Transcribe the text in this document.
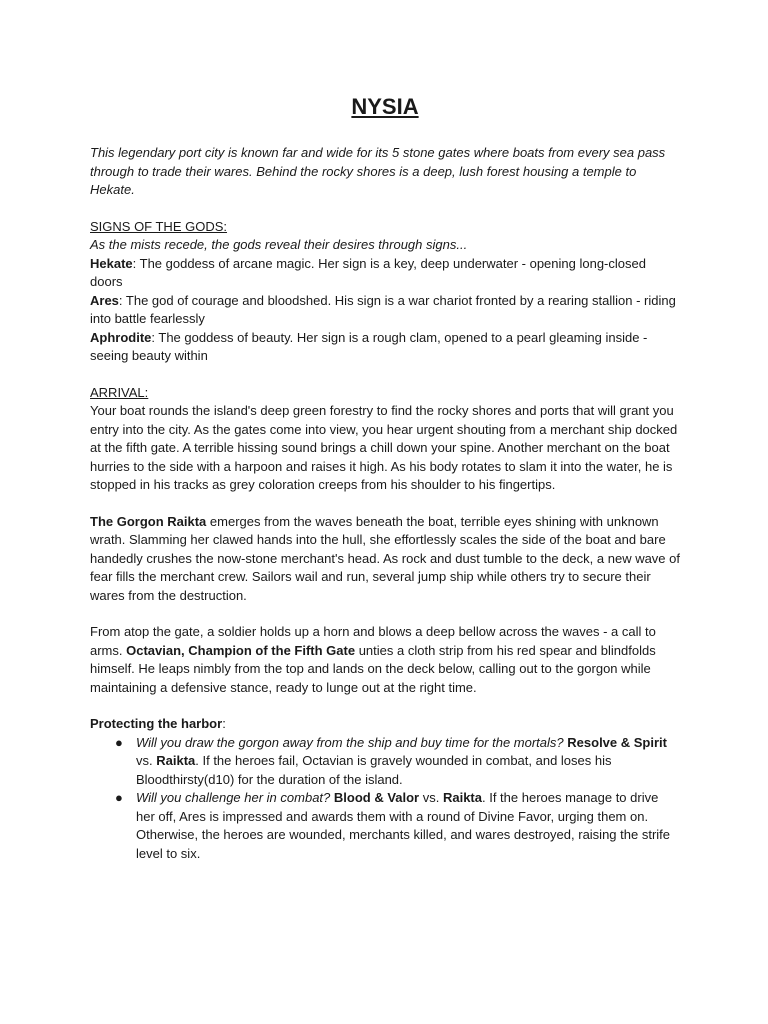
NYSIA

This legendary port city is known far and wide for its 5 stone gates where boats from every sea pass through to trade their wares. Behind the rocky shores is a deep, lush forest housing a temple to Hekate.

SIGNS OF THE GODS:

As the mists recede, the gods reveal their desires through signs...

Hekate: The goddess of arcane magic. Her sign is a key, deep underwater - opening long-closed doors

Ares: The god of courage and bloodshed. His sign is a war chariot fronted by a rearing stallion - riding into battle fearlessly

Aphrodite: The goddess of beauty. Her sign is a rough clam, opened to a pearl gleaming inside - seeing beauty within

ARRIVAL:

Your boat rounds the island's deep green forestry to find the rocky shores and ports that will grant you entry into the city. As the gates come into view, you hear urgent shouting from a merchant ship docked at the fifth gate. A terrible hissing sound brings a chill down your spine. Another merchant on the boat hurries to the side with a harpoon and raises it high. As his body rotates to slam it into the water, he is stopped in his tracks as grey coloration creeps from his shoulder to his fingertips.

The Gorgon Raikta emerges from the waves beneath the boat, terrible eyes shining with unknown wrath. Slamming her clawed hands into the hull, she effortlessly scales the side of the boat and bare handedly crushes the now-stone merchant's head. As rock and dust tumble to the deck, a new wave of fear fills the merchant crew. Sailors wail and run, several jump ship while others try to secure their wares from the destruction.

From atop the gate, a soldier holds up a horn and blows a deep bellow across the waves - a call to arms. Octavian, Champion of the Fifth Gate unties a cloth strip from his red spear and blindfolds himself. He leaps nimbly from the top and lands on the deck below, calling out to the gorgon while maintaining a defensive stance, ready to lunge out at the right time.

Protecting the harbor:

● Will you draw the gorgon away from the ship and buy time for the mortals? Resolve & Spirit vs. Raikta. If the heroes fail, Octavian is gravely wounded in combat, and loses his Bloodthirsty(d10) for the duration of the island.
● Will you challenge her in combat? Blood & Valor vs. Raikta. If the heroes manage to drive her off, Ares is impressed and awards them with a round of Divine Favor, urging them on. Otherwise, the heroes are wounded, merchants killed, and wares destroyed, raising the strife level to six.
